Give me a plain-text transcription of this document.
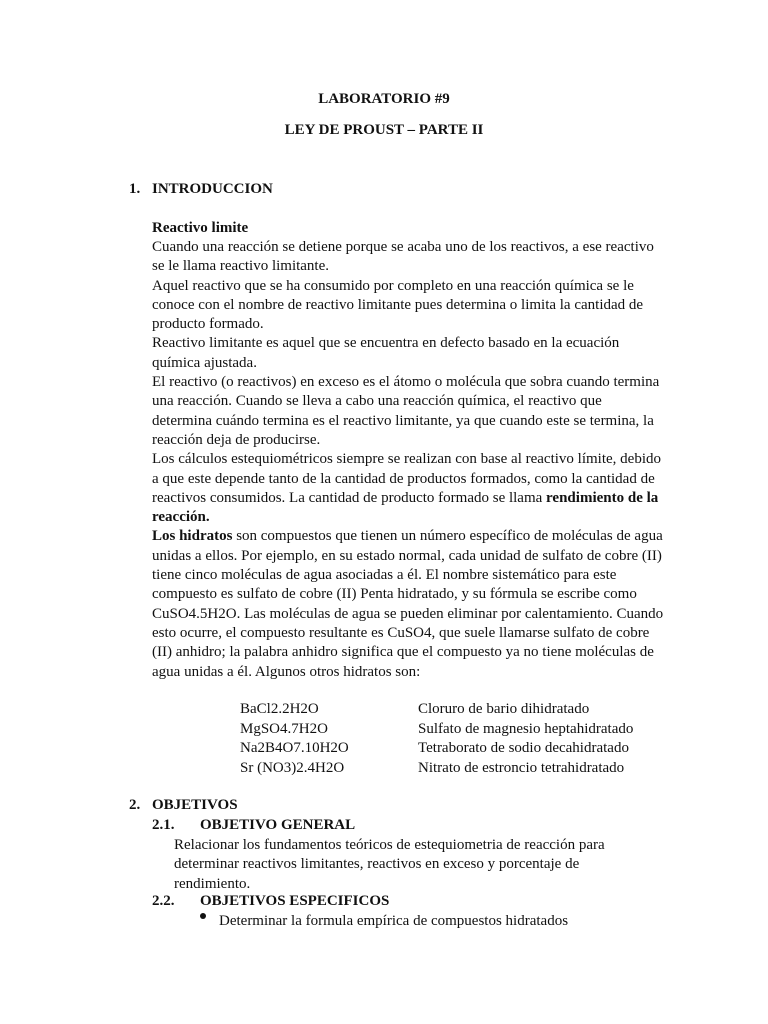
LABORATORIO #9
LEY DE PROUST – PARTE II
1. INTRODUCCION
Reactivo limite

Cuando una reacción se detiene porque se acaba uno de los reactivos, a ese reactivo se le llama reactivo limitante.

Aquel reactivo que se ha consumido por completo en una reacción química se le conoce con el nombre de reactivo limitante pues determina o limita la cantidad de producto formado.

Reactivo limitante es aquel que se encuentra en defecto basado en la ecuación química ajustada.

El reactivo (o reactivos) en exceso es el átomo o molécula que sobra cuando termina una reacción. Cuando se lleva a cabo una reacción química, el reactivo que determina cuándo termina es el reactivo limitante, ya que cuando este se termina, la reacción deja de producirse.

Los cálculos estequiométricos siempre se realizan con base al reactivo límite, debido a que este depende tanto de la cantidad de productos formados, como la cantidad de reactivos consumidos. La cantidad de producto formado se llama rendimiento de la reacción.

Los hidratos son compuestos que tienen un número específico de moléculas de agua unidas a ellos. Por ejemplo, en su estado normal, cada unidad de sulfato de cobre (II) tiene cinco moléculas de agua asociadas a él. El nombre sistemático para este compuesto es sulfato de cobre (II) Penta hidratado, y su fórmula se escribe como CuSO4.5H2O. Las moléculas de agua se pueden eliminar por calentamiento. Cuando esto ocurre, el compuesto resultante es CuSO4, que suele llamarse sulfato de cobre (II) anhidro; la palabra anhidro significa que el compuesto ya no tiene moléculas de agua unidas a él. Algunos otros hidratos son:

BaCl2.2H2O	Cloruro de bario dihidratado
MgSO4.7H2O	Sulfato de magnesio heptahidratado
Na2B4O7.10H2O	Tetraborato de sodio decahidratado
Sr (NO3)2.4H2O	Nitrato de estroncio tetrahidratado
2. OBJETIVOS
2.1. OBJETIVO GENERAL
Relacionar los fundamentos teóricos de estequiometria de reacción para determinar reactivos limitantes, reactivos en exceso y porcentaje de rendimiento.
2.2. OBJETIVOS ESPECIFICOS
Determinar la formula empírica de compuestos hidratados
